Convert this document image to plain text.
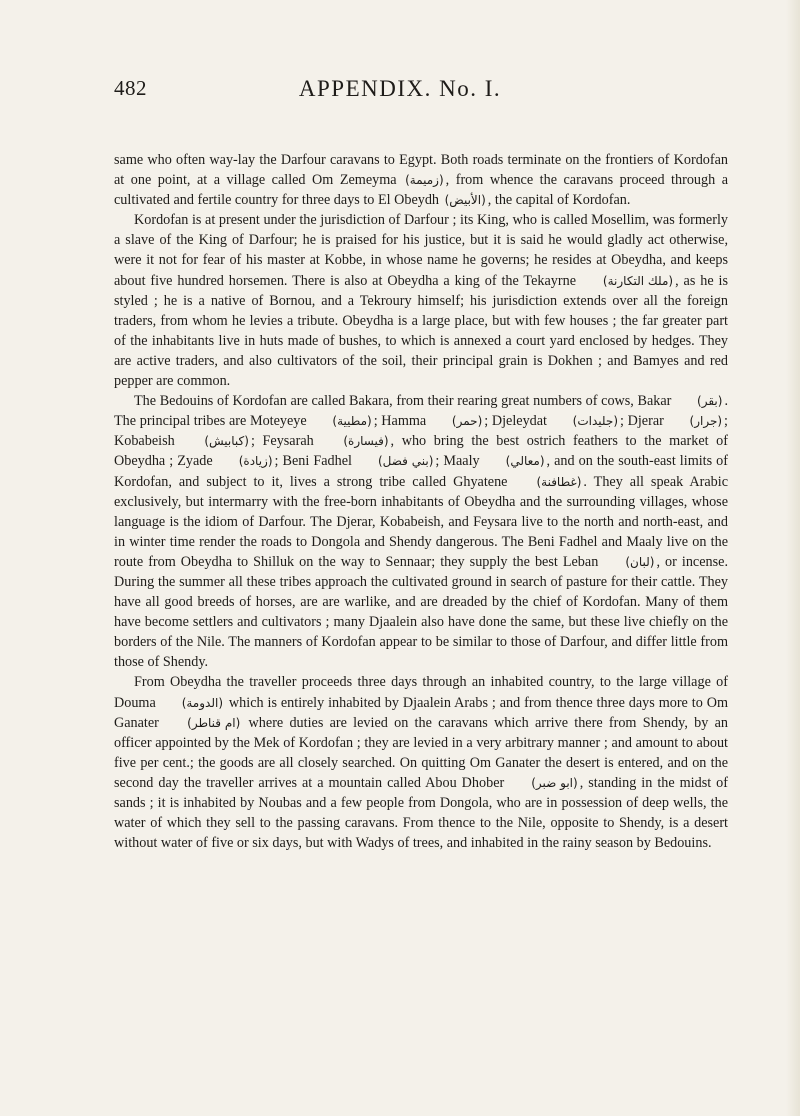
482	APPENDIX. No. I.

same who often way-lay the Darfour caravans to Egypt. Both roads terminate on the frontiers of Kordofan at one point, at a village called Om Zemeyma (زميمة) , from whence the caravans proceed through a cultivated and fertile country for three days to El Obeydh (الأبيض) , the capital of Kordofan.

Kordofan is at present under the jurisdiction of Darfour ; its King, who is called Mosellim, was formerly a slave of the King of Darfour; he is praised for his justice, but it is said he would gladly act otherwise, were it not for fear of his master at Kobbe, in whose name he governs; he resides at Obeydha, and keeps about five hundred horsemen. There is also at Obeydha a king of the Tekayrne (ملك التكارنة) , as he is styled ; he is a native of Bornou, and a Tekroury himself; his jurisdiction extends over all the foreign traders, from whom he levies a tribute. Obeydha is a large place, but with few houses ; the far greater part of the inhabitants live in huts made of bushes, to which is annexed a court yard enclosed by hedges. They are active traders, and also cultivators of the soil, their principal grain is Dokhen ; and Bamyes and red pepper are common.

The Bedouins of Kordofan are called Bakara, from their rearing great numbers of cows, Bakar (بقر) . The principal tribes are Moteyeye (مطيية) ; Hamma (حمر) ; Djeleydat (جليدات) ; Djerar (جرار) ; Kobabeish (كبابيش) ; Feysarah (فيسارة) , who bring the best ostrich feathers to the market of Obeydha ; Zyade (زيادة) ; Beni Fadhel (بني فضل) ; Maaly (معالي) , and on the south-east limits of Kordofan, and subject to it, lives a strong tribe called Ghyatene (غطافنة) . They all speak Arabic exclusively, but intermarry with the free-born inhabitants of Obeydha and the surrounding villages, whose language is the idiom of Darfour. The Djerar, Kobabeish, and Feysara live to the north and north-east, and in winter time render the roads to Dongola and Shendy dangerous. The Beni Fadhel and Maaly live on the route from Obeydha to Shilluk on the way to Sennaar; they supply the best Leban (لبان) , or incense. During the summer all these tribes approach the cultivated ground in search of pasture for their cattle. They have all good breeds of horses, are are warlike, and are dreaded by the chief of Kordofan. Many of them have become settlers and cultivators ; many Djaalein also have done the same, but these live chiefly on the borders of the Nile. The manners of Kordofan appear to be similar to those of Darfour, and differ little from those of Shendy.

From Obeydha the traveller proceeds three days through an inhabited country, to the large village of Douma (الدومة) which is entirely inhabited by Djaalein Arabs ; and from thence three days more to Om Ganater (ام قناطر) where duties are levied on the caravans which arrive there from Shendy, by an officer appointed by the Mek of Kordofan ; they are levied in a very arbitrary manner ; and amount to about five per cent.; the goods are all closely searched. On quitting Om Ganater the desert is entered, and on the second day the traveller arrives at a mountain called Abou Dhober (ابو ضبر) , standing in the midst of sands ; it is inhabited by Noubas and a few people from Dongola, who are in possession of deep wells, the water of which they sell to the passing caravans. From thence to the Nile, opposite to Shendy, is a desert without water of five or six days, but with Wadys of trees, and inhabited in the rainy season by Bedouins.
